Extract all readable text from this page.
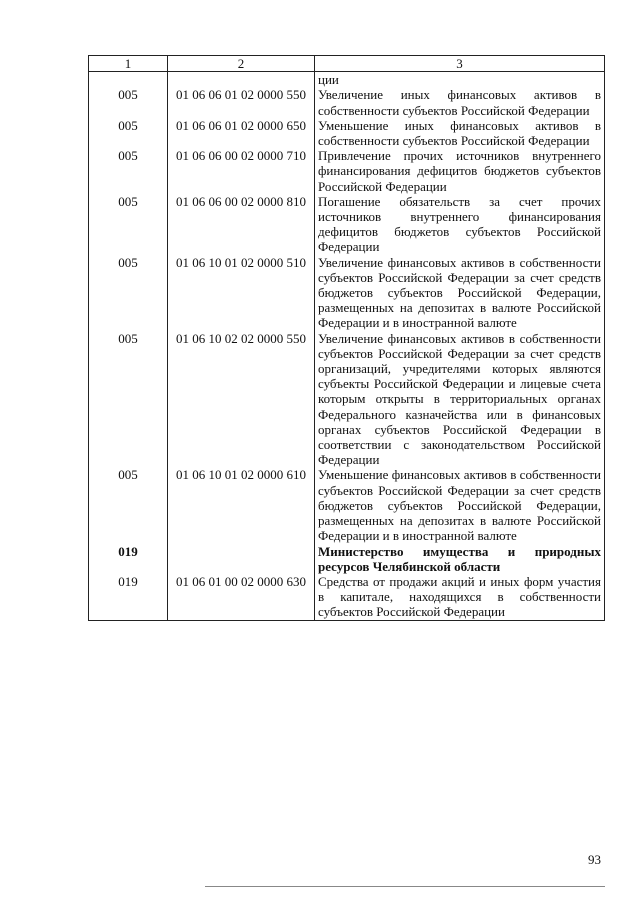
1	2	3
		ции
005	01 06 06 01 02 0000 550	Увеличение иных финансовых активов в собственности субъектов Российской Федерации
005	01 06 06 01 02 0000 650	Уменьшение иных финансовых активов в собственности субъектов Российской Федерации
005	01 06 06 00 02 0000 710	Привлечение прочих источников внутреннего финансирования дефицитов бюджетов субъектов Российской Федерации
005	01 06 06 00 02 0000 810	Погашение обязательств за счет прочих источников внутреннего финансирования дефицитов бюджетов субъектов Российской Федерации
005	01 06 10 01 02 0000 510	Увеличение финансовых активов в собственности субъектов Российской Федерации за счет средств бюджетов субъектов Российской Федерации, размещенных на депозитах в валюте Российской Федерации и в иностранной валюте
005	01 06 10 02 02 0000 550	Увеличение финансовых активов в собственности субъектов Российской Федерации за счет средств организаций, учредителями которых являются субъекты Российской Федерации и лицевые счета которым открыты в территориальных органах Федерального казначейства или в финансовых органах субъектов Российской Федерации в соответствии с законодательством Российской Федерации
005	01 06 10 01 02 0000 610	Уменьшение финансовых активов в собственности субъектов Российской Федерации за счет средств бюджетов субъектов Российской Федерации, размещенных на депозитах в валюте Российской Федерации и в иностранной валюте
019		Министерство имущества и природных ресурсов Челябинской области
019	01 06 01 00 02 0000 630	Средства от продажи акций и иных форм участия в капитале, находящихся в собственности субъектов Российской Федерации
93
